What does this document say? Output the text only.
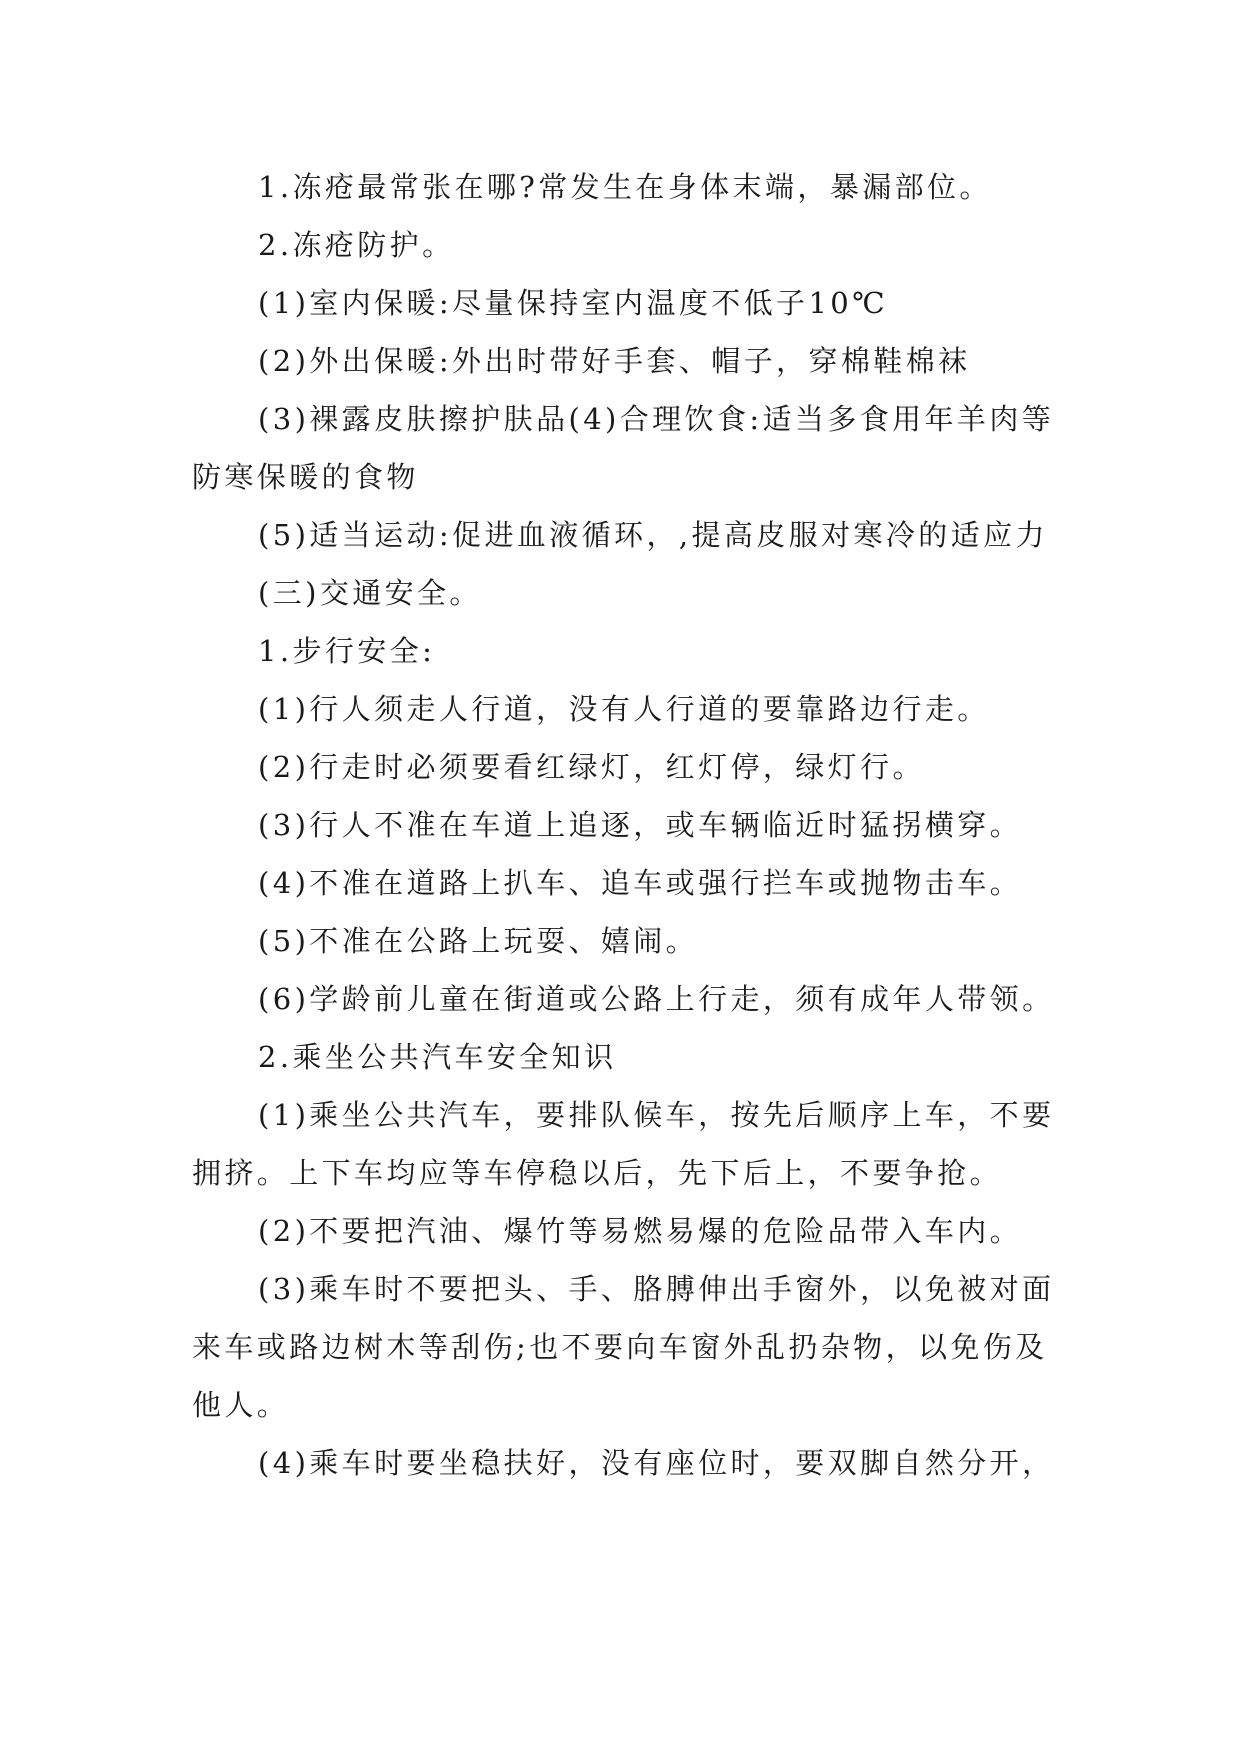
1.冻疮最常张在哪?常发生在身体末端，暴漏部位。

2.冻疮防护。

(1)室内保暖:尽量保持室内温度不低子10℃

(2)外出保暖:外出时带好手套、帽子，穿棉鞋棉袜

(3)裸露皮肤擦护肤品(4)合理饮食:适当多食用年羊肉等防寒保暖的食物

(5)适当运动:促进血液循环，,提高皮服对寒冷的适应力

(三)交通安全。

1.步行安全:

(1)行人须走人行道，没有人行道的要靠路边行走。

(2)行走时必须要看红绿灯，红灯停，绿灯行。

(3)行人不准在车道上追逐，或车辆临近时猛拐横穿。

(4)不准在道路上扒车、追车或强行拦车或抛物击车。

(5)不准在公路上玩耍、嬉闹。

(6)学龄前儿童在街道或公路上行走，须有成年人带领。

2.乘坐公共汽车安全知识

(1)乘坐公共汽车，要排队候车，按先后顺序上车，不要拥挤。上下车均应等车停稳以后，先下后上，不要争抢。

(2)不要把汽油、爆竹等易燃易爆的危险品带入车内。

(3)乘车时不要把头、手、胳膊伸出手窗外，以免被对面来车或路边树木等刮伤;也不要向车窗外乱扔杂物，以免伤及他人。

(4)乘车时要坐稳扶好，没有座位时，要双脚自然分开，
